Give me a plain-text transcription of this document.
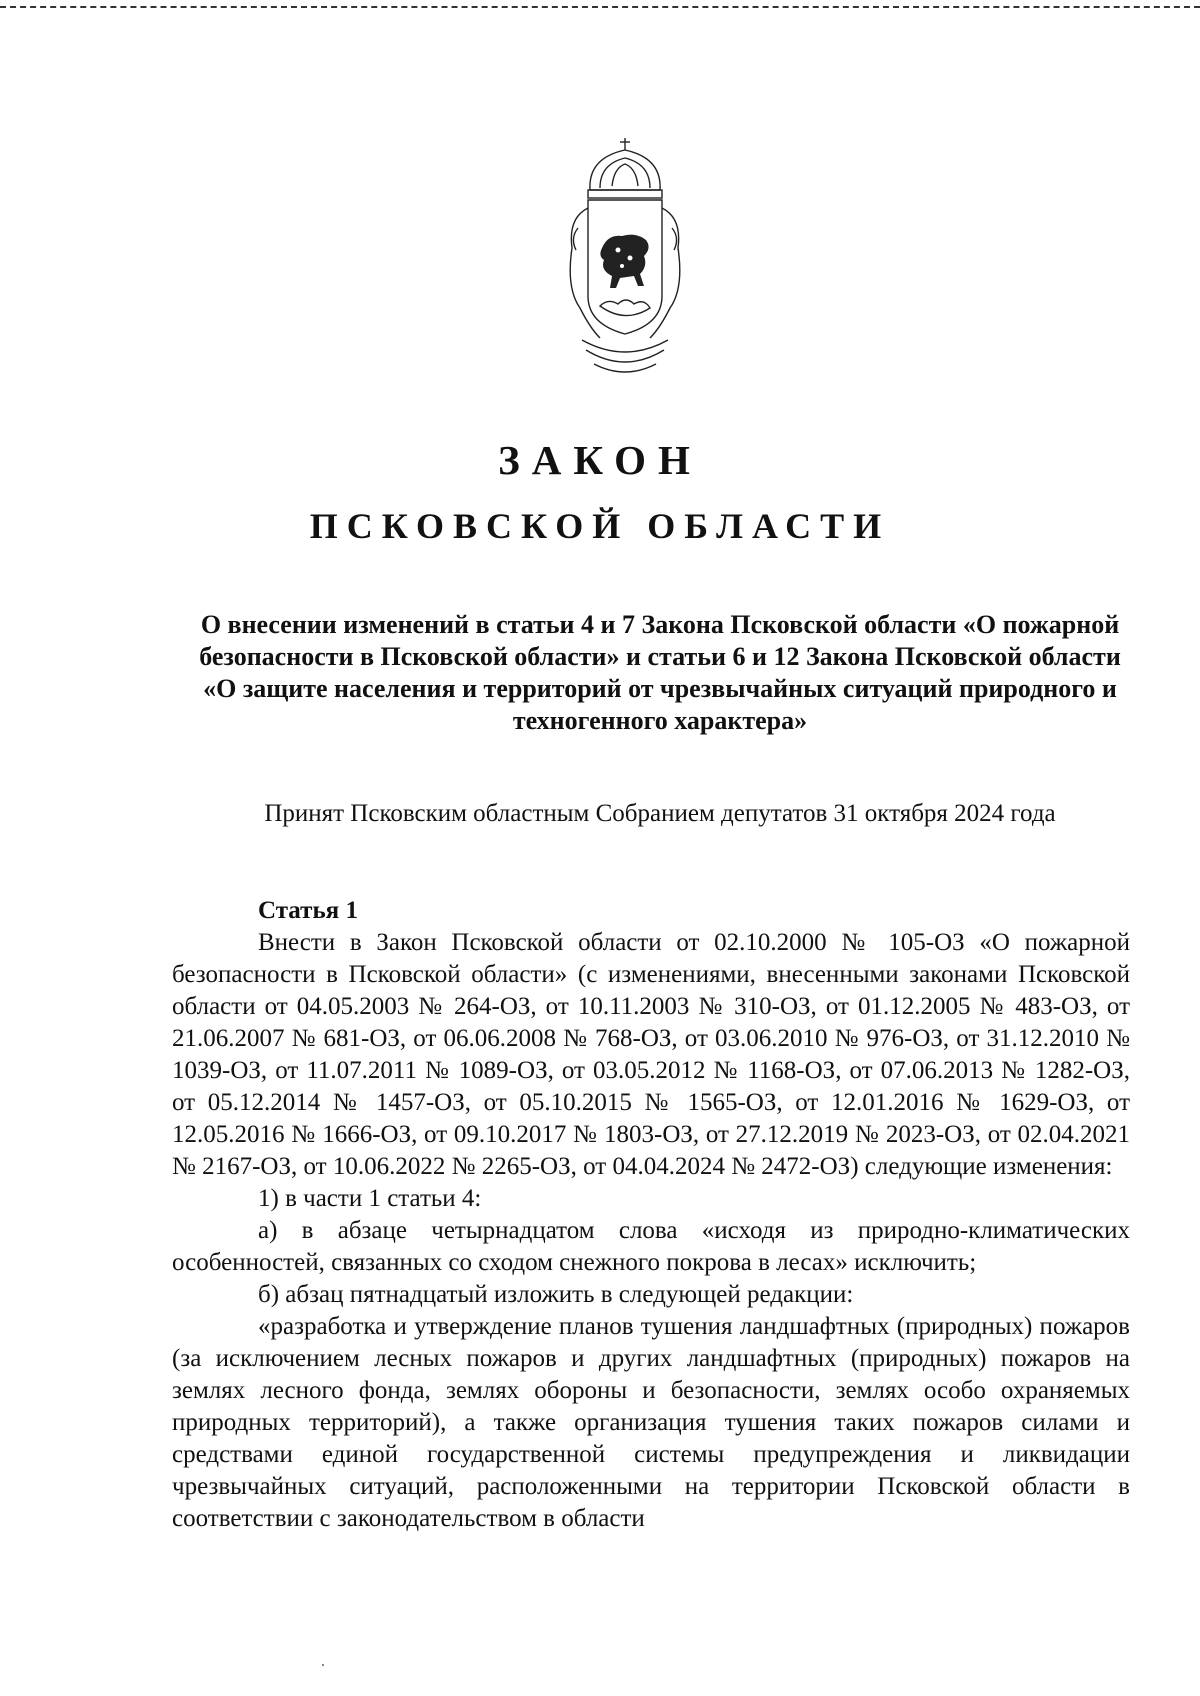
ЗАКОН
ПСКОВСКОЙ ОБЛАСТИ
О внесении изменений в статьи 4 и 7 Закона Псковской области «О пожарной безопасности в Псковской области» и статьи 6 и 12 Закона Псковской области «О защите населения и территорий от чрезвычайных ситуаций природного и техногенного характера»
Принят Псковским областным Собранием депутатов 31 октября 2024 года
Статья 1

Внести в Закон Псковской области от 02.10.2000 № 105-ОЗ «О пожарной безопасности в Псковской области» (с изменениями, внесенными законами Псковской области от 04.05.2003 № 264-ОЗ, от 10.11.2003 № 310-ОЗ, от 01.12.2005 № 483-ОЗ, от 21.06.2007 № 681-ОЗ, от 06.06.2008 № 768-ОЗ, от 03.06.2010 № 976-ОЗ, от 31.12.2010 № 1039-ОЗ, от 11.07.2011 № 1089-ОЗ, от 03.05.2012 № 1168-ОЗ, от 07.06.2013 № 1282-ОЗ, от 05.12.2014 № 1457-ОЗ, от 05.10.2015 № 1565-ОЗ, от 12.01.2016 № 1629-ОЗ, от 12.05.2016 № 1666-ОЗ, от 09.10.2017 № 1803-ОЗ, от 27.12.2019 № 2023-ОЗ, от 02.04.2021 № 2167-ОЗ, от 10.06.2022 № 2265-ОЗ, от 04.04.2024 № 2472-ОЗ) следующие изменения:

1) в части 1 статьи 4:

а) в абзаце четырнадцатом слова «исходя из природно-климатических особенностей, связанных со сходом снежного покрова в лесах» исключить;

б) абзац пятнадцатый изложить в следующей редакции:

«разработка и утверждение планов тушения ландшафтных (природных) пожаров (за исключением лесных пожаров и других ландшафтных (природных) пожаров на землях лесного фонда, землях обороны и безопасности, землях особо охраняемых природных территорий), а также организация тушения таких пожаров силами и средствами единой государственной системы предупреждения и ликвидации чрезвычайных ситуаций, расположенными на территории Псковской области в соответствии с законодательством в области
